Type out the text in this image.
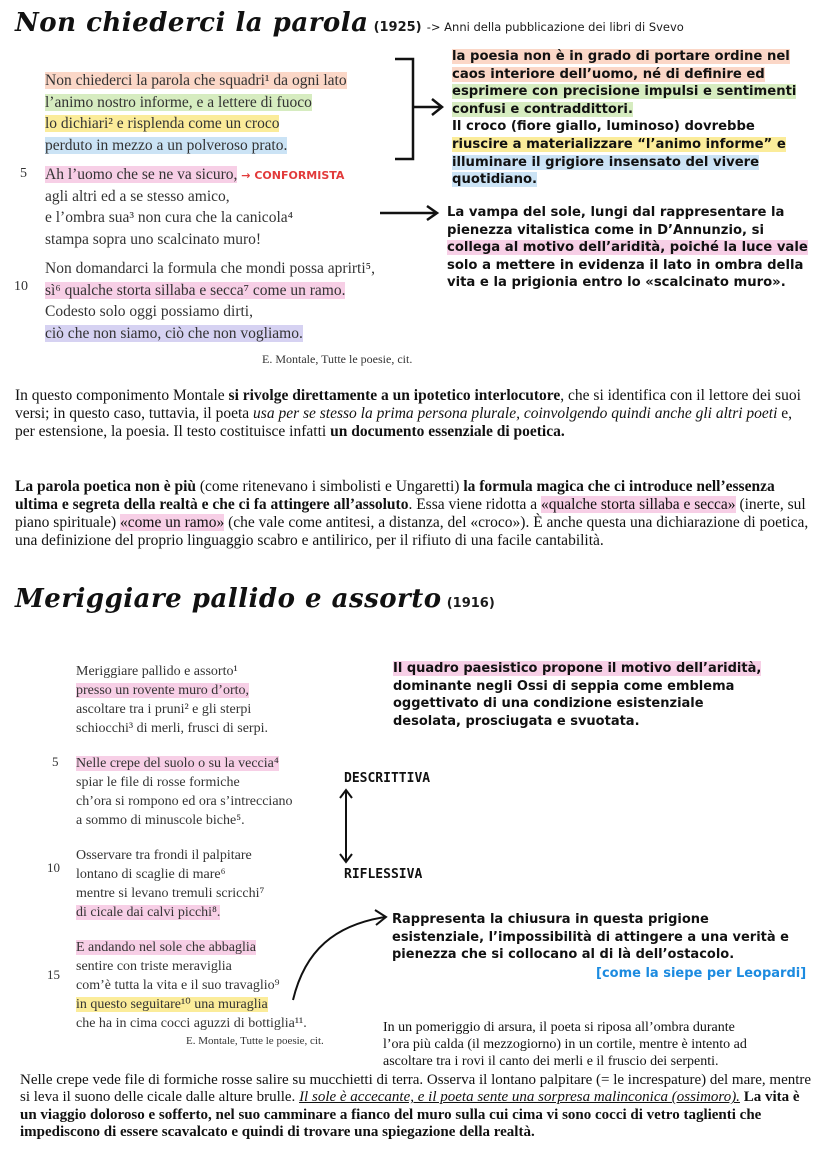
Non chiederci la parola (1925) -> Anni della pubblicazione dei libri di Svevo
Non chiederci la parola che squadri¹ da ogni lato
l’animo nostro informe, e a lettere di fuoco
lo dichiari² e risplenda come un croco
perduto in mezzo a un polveroso prato.
Ah l’uomo che se ne va sicuro, → CONFORMISTA
agli altri ed a se stesso amico,
e l’ombra sua³ non cura che la canicola⁴
stampa sopra uno scalcinato muro!
Non domandarci la formula che mondi possa aprirti⁵,
sì⁶ qualche storta sillaba e secca⁷ come un ramo.
Codesto solo oggi possiamo dirti,
ciò che non siamo, ciò che non vogliamo.
5
10
E. Montale, Tutte le poesie, cit.
la poesia non è in grado di portare ordine nel
caos interiore dell’uomo, né di definire ed
esprimere con precisione impulsi e sentimenti
confusi e contraddittori.
Il croco (fiore giallo, luminoso) dovrebbe
riuscire a materializzare “l’animo informe” e
illuminare il grigiore insensato del vivere
quotidiano.
La vampa del sole, lungi dal rappresentare la
pienezza vitalistica come in D’Annunzio, si
collega al motivo dell’aridità, poiché la luce vale
solo a mettere in evidenza il lato in ombra della
vita e la prigionia entro lo «scalcinato muro».
In questo componimento Montale si rivolge direttamente a un ipotetico interlocutore, che si identifica con il lettore dei suoi versi; in questo caso, tuttavia, il poeta usa per se stesso la prima persona plurale, coinvolgendo quindi anche gli altri poeti e, per estensione, la poesia. Il testo costituisce infatti un documento essenziale di poetica.
La parola poetica non è più (come ritenevano i simbolisti e Ungaretti) la formula magica che ci introduce nell’essenza ultima e segreta della realtà e che ci fa attingere all’assoluto. Essa viene ridotta a «qualche storta sillaba e secca» (inerte, sul piano spirituale) «come un ramo» (che vale come antitesi, a distanza, del «croco»). È anche questa una dichiarazione di poetica, una definizione del proprio linguaggio scabro e antilirico, per il rifiuto di una facile cantabilità.
Meriggiare pallido e assorto (1916)
Meriggiare pallido e assorto¹
presso un rovente muro d’orto,
ascoltare tra i pruni² e gli sterpi
schiocchi³ di merli, frusci di serpi.
Nelle crepe del suolo o su la veccia⁴
spiar le file di rosse formiche
ch’ora si rompono ed ora s’intrecciano
a sommo di minuscole biche⁵.
Osservare tra frondi il palpitare
lontano di scaglie di mare⁶
mentre si levano tremuli scricchi⁷
di cicale dai calvi picchi⁸.
E andando nel sole che abbaglia
sentire con triste meraviglia
com’è tutta la vita e il suo travaglio⁹
in questo seguitare¹⁰ una muraglia
che ha in cima cocci aguzzi di bottiglia¹¹.
5
10
15
E. Montale, Tutte le poesie, cit.
Il quadro paesistico propone il motivo dell’aridità,
dominante negli Ossi di seppia come emblema
oggettivato di una condizione esistenziale
desolata, prosciugata e svuotata.
DESCRITTIVA
RIFLESSIVA
Rappresenta la chiusura in questa prigione
esistenziale, l’impossibilità di attingere a una verità e
pienezza che si collocano al di là dell’ostacolo.
[come la siepe per Leopardi]
In un pomeriggio di arsura, il poeta si riposa all’ombra durante
l’ora più calda (il mezzogiorno) in un cortile, mentre è intento ad
ascoltare tra i rovi il canto dei merli e il fruscio dei serpenti.
Nelle crepe vede file di formiche rosse salire su mucchietti di terra. Osserva il lontano palpitare (= le increspature) del mare, mentre si leva il suono delle cicale dalle alture brulle. Il sole è accecante, e il poeta sente una sorpresa malinconica (ossimoro). La vita è un viaggio doloroso e sofferto, nel suo camminare a fianco del muro sulla cui cima vi sono cocci di vetro taglienti che impediscono di essere scavalcato e quindi di trovare una spiegazione della realtà.
